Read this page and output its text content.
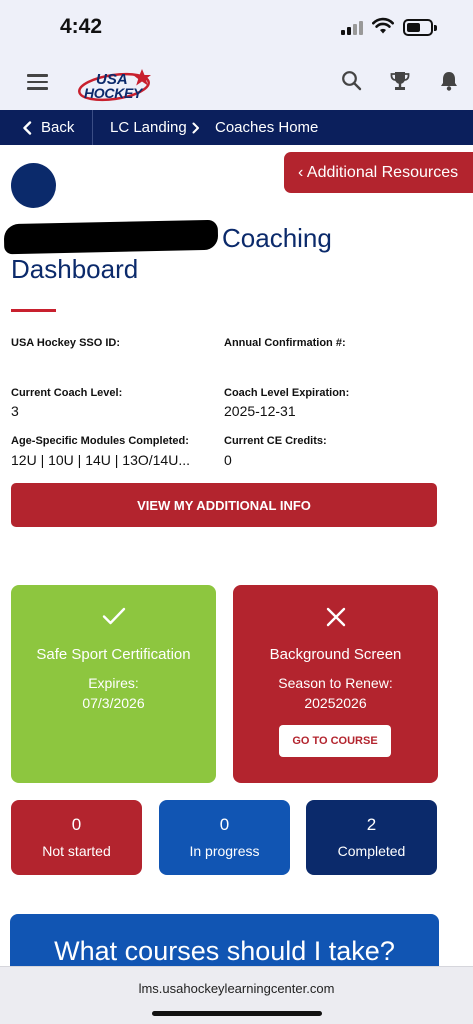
4:42
USA
HOCKEY
Back LC Landing Coaches Home
‹ Additional Resources
Coaching
Dashboard
USA Hockey SSO ID:	Annual Confirmation #:
Current Coach Level:
3
Coach Level Expiration:
2025-12-31
Age-Specific Modules Completed:
12U | 10U | 14U | 13O/14U...
Current CE Credits:
0
VIEW MY ADDITIONAL INFO
Safe Sport Certification
Expires:
07/3/2026
Background Screen
Season to Renew:
20252026
GO TO COURSE
0
Not started
0
In progress
2
Completed
What courses should I take?
lms.usahockeylearningcenter.com
